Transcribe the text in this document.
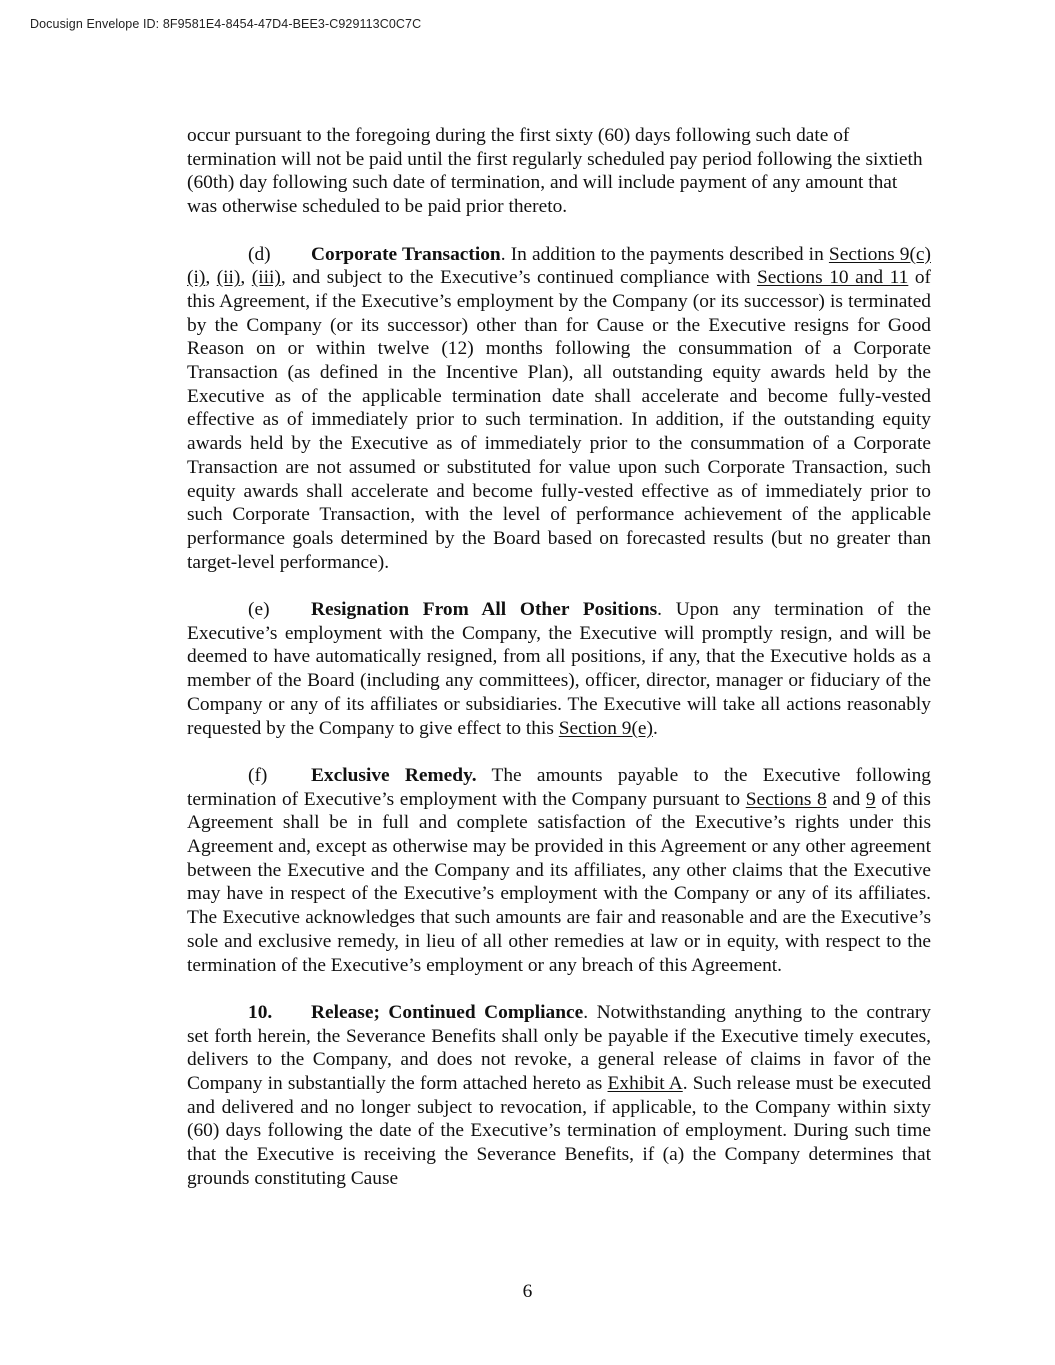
Docusign Envelope ID: 8F9581E4-8454-47D4-BEE3-C929113C0C7C

occur pursuant to the foregoing during the first sixty (60) days following such date of termination will not be paid until the first regularly scheduled pay period following the sixtieth (60th) day following such date of termination, and will include payment of any amount that was otherwise scheduled to be paid prior thereto.

(d) Corporate Transaction. In addition to the payments described in Sections 9(c)(i), (ii), (iii), and subject to the Executive’s continued compliance with Sections 10 and 11 of this Agreement, if the Executive’s employment by the Company (or its successor) is terminated by the Company (or its successor) other than for Cause or the Executive resigns for Good Reason on or within twelve (12) months following the consummation of a Corporate Transaction (as defined in the Incentive Plan), all outstanding equity awards held by the Executive as of the applicable termination date shall accelerate and become fully-vested effective as of immediately prior to such termination. In addition, if the outstanding equity awards held by the Executive as of immediately prior to the consummation of a Corporate Transaction are not assumed or substituted for value upon such Corporate Transaction, such equity awards shall accelerate and become fully-vested effective as of immediately prior to such Corporate Transaction, with the level of performance achievement of the applicable performance goals determined by the Board based on forecasted results (but no greater than target-level performance).

(e) Resignation From All Other Positions. Upon any termination of the Executive’s employment with the Company, the Executive will promptly resign, and will be deemed to have automatically resigned, from all positions, if any, that the Executive holds as a member of the Board (including any committees), officer, director, manager or fiduciary of the Company or any of its affiliates or subsidiaries. The Executive will take all actions reasonably requested by the Company to give effect to this Section 9(e).

(f) Exclusive Remedy. The amounts payable to the Executive following termination of Executive’s employment with the Company pursuant to Sections 8 and 9 of this Agreement shall be in full and complete satisfaction of the Executive’s rights under this Agreement and, except as otherwise may be provided in this Agreement or any other agreement between the Executive and the Company and its affiliates, any other claims that the Executive may have in respect of the Executive’s employment with the Company or any of its affiliates. The Executive acknowledges that such amounts are fair and reasonable and are the Executive’s sole and exclusive remedy, in lieu of all other remedies at law or in equity, with respect to the termination of the Executive’s employment or any breach of this Agreement.

10. Release; Continued Compliance. Notwithstanding anything to the contrary set forth herein, the Severance Benefits shall only be payable if the Executive timely executes, delivers to the Company, and does not revoke, a general release of claims in favor of the Company in substantially the form attached hereto as Exhibit A. Such release must be executed and delivered and no longer subject to revocation, if applicable, to the Company within sixty (60) days following the date of the Executive’s termination of employment. During such time that the Executive is receiving the Severance Benefits, if (a) the Company determines that grounds constituting Cause

6
